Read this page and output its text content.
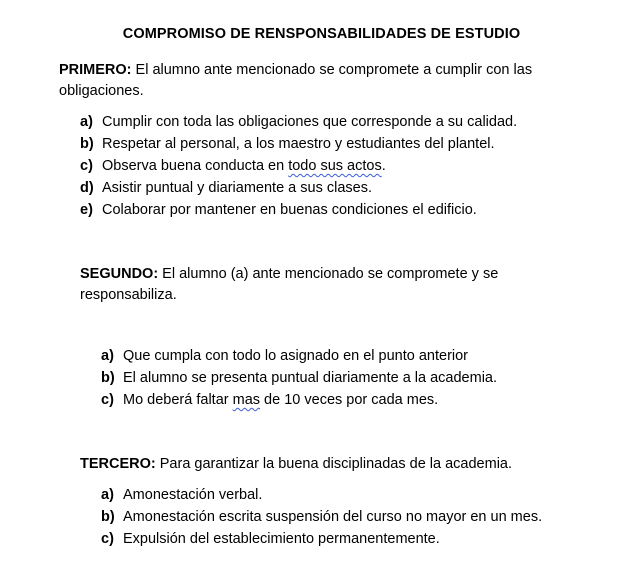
COMPROMISO DE RENSPONSABILIDADES DE ESTUDIO
PRIMERO: El alumno ante mencionado se compromete a cumplir con las
obligaciones.
a) Cumplir con toda las obligaciones que corresponde a su calidad.
b) Respetar al personal, a los maestro y estudiantes del plantel.
c) Observa buena conducta en todo sus actos.
d) Asistir puntual y diariamente a sus clases.
e) Colaborar por mantener en buenas condiciones el edificio.
SEGUNDO: El alumno (a) ante mencionado se compromete y se
responsabiliza.
a) Que cumpla con todo lo asignado en el punto anterior
b) El alumno se presenta puntual diariamente a la academia.
c) Mo deberá faltar mas de 10 veces por cada mes.
TERCERO: Para garantizar la buena disciplinadas de la academia.
a) Amonestación verbal.
b) Amonestación escrita suspensión del curso no mayor en un mes.
c) Expulsión del establecimiento permanentemente.
